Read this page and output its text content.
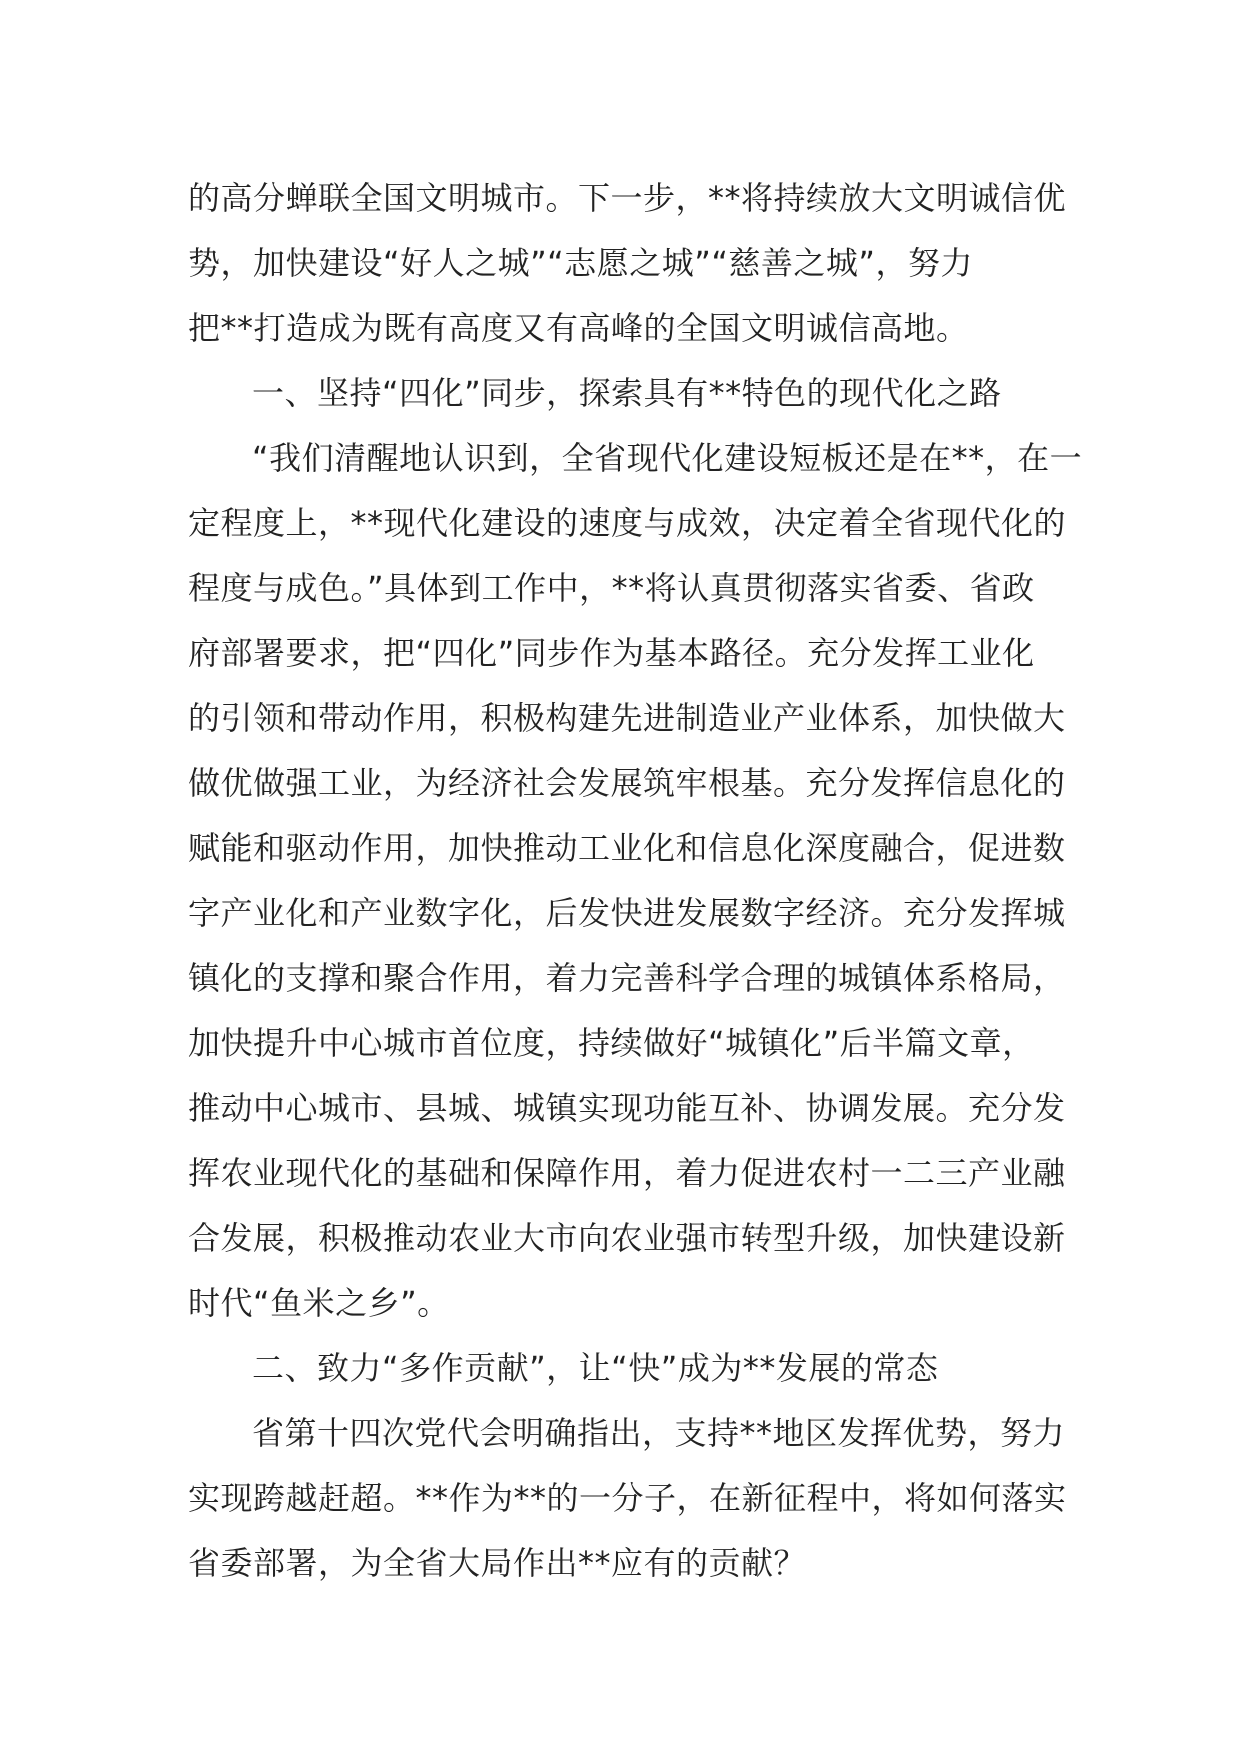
的高分蝉联全国文明城市。下一步，**将持续放大文明诚信优
势，加快建设“好人之城”“志愿之城”“慈善之城”，努力
把**打造成为既有高度又有高峰的全国文明诚信高地。
一、坚持“四化”同步，探索具有**特色的现代化之路
“我们清醒地认识到，全省现代化建设短板还是在**，在一
定程度上，**现代化建设的速度与成效，决定着全省现代化的
程度与成色。”具体到工作中，**将认真贯彻落实省委、省政
府部署要求，把“四化”同步作为基本路径。充分发挥工业化
的引领和带动作用，积极构建先进制造业产业体系，加快做大
做优做强工业，为经济社会发展筑牢根基。充分发挥信息化的
赋能和驱动作用，加快推动工业化和信息化深度融合，促进数
字产业化和产业数字化，后发快进发展数字经济。充分发挥城
镇化的支撑和聚合作用，着力完善科学合理的城镇体系格局，
加快提升中心城市首位度，持续做好“城镇化”后半篇文章，
推动中心城市、县城、城镇实现功能互补、协调发展。充分发
挥农业现代化的基础和保障作用，着力促进农村一二三产业融
合发展，积极推动农业大市向农业强市转型升级，加快建设新
时代“鱼米之乡”。
二、致力“多作贡献”，让“快”成为**发展的常态
省第十四次党代会明确指出，支持**地区发挥优势，努力
实现跨越赶超。**作为**的一分子，在新征程中，将如何落实
省委部署，为全省大局作出**应有的贡献？
